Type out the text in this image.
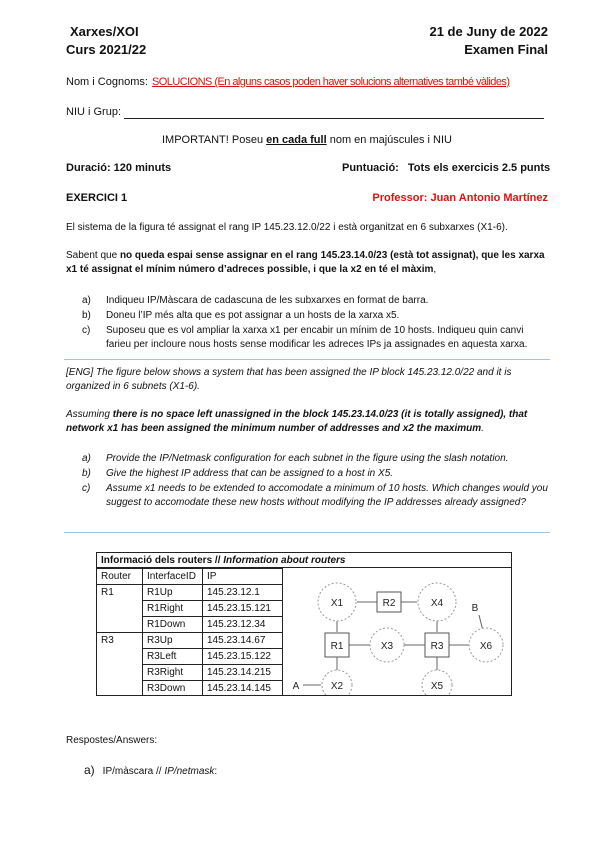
Xarxes/XOI
Curs 2021/22
21 de Juny de 2022
Examen Final
Nom i Cognoms: SOLUCIONS (En alguns casos poden haver solucions alternatives també vàlides)
NIU i Grup:
IMPORTANT! Poseu en cada full nom en majúscules i NIU
Duració: 120 minuts	Puntuació: Tots els exercicis 2.5 punts
EXERCICI 1	Professor: Juan Antonio Martínez
El sistema de la figura té assignat el rang IP 145.23.12.0/22 i està organitzat en 6 subxarxes (X1-6).
Sabent que no queda espai sense assignar en el rang 145.23.14.0/23 (està tot assignat), que les xarxa x1 té assignat el mínim número d’adreces possible, i que la x2 en té el màxim,
a) Indiqueu IP/Màscara de cadascuna de les subxarxes en format de barra.
b) Doneu l’IP més alta que es pot assignar a un hosts de la xarxa x5.
c) Suposeu que es vol ampliar la xarxa x1 per encabir un mínim de 10 hosts. Indiqueu quin canvi farieu per incloure nous hosts sense modificar les adreces IPs ja assignades en aquesta xarxa.
[ENG] The figure below shows a system that has been assigned the IP block 145.23.12.0/22 and it is organized in 6 subnets (X1-6).
Assuming there is no space left unassigned in the block 145.23.14.0/23 (it is totally assigned), that network x1 has been assigned the minimum number of addresses and x2 the maximum.
a) Provide the IP/Netmask configuration for each subnet in the figure using the slash notation.
b) Give the highest IP address that can be assigned to a host in X5.
c) Assume x1 needs to be extended to accomodate a minimum of 10 hosts. Which changes would you suggest to accomodate these new hosts without modifying the IP addresses already assigned?
Informació dels routers // Information about routers
Router	InterfaceID	IP
R1	R1Up	145.23.12.1
	R1Right	145.23.15.121
	R1Down	145.23.12.34
R3	R3Up	145.23.14.67
	R3Left	145.23.15.122
	R3Right	145.23.14.215
	R3Down	145.23.14.145
X1	R2	X4	B
R1	X3	R3	X6
A	X2	X5
Respostes/Answers:
a) IP/màscara // IP/netmask:
